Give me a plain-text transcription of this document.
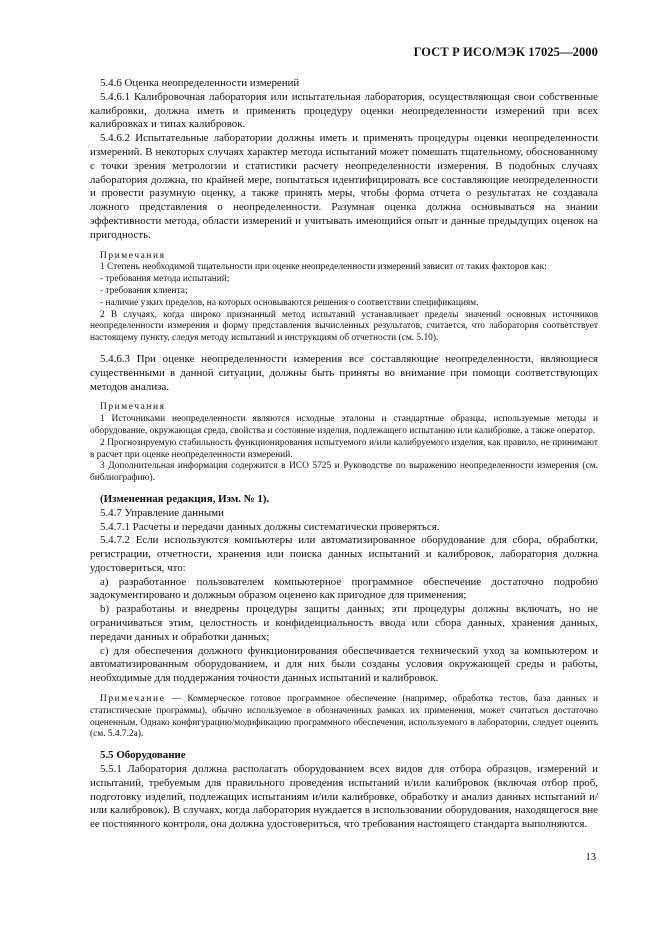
ГОСТ Р ИСО/МЭК 17025—2000

5.4.6 Оценка неопределенности измерений

5.4.6.1 Калибровочная лаборатория или испытательная лаборатория, осуществляющая свои собственные калибровки, должна иметь и применять процедуру оценки неопределенности измерений при всех калибровках и типах калибровок.

5.4.6.2 Испытательные лаборатории должны иметь и применять процедуры оценки неопределенности измерений. В некоторых случаях характер метода испытаний может помешать тщательному, обоснованному с точки зрения метрологии и статистики расчету неопределенности измерения. В подобных случаях лаборатория должна, по крайней мере, попытаться идентифицировать все составляющие неопределенности и провести разумную оценку, а также принять меры, чтобы форма отчета о результатах не создавала ложного представления о неопределенности. Разумная оценка должна основываться на знании эффективности метода, области измерений и учитывать имеющийся опыт и данные предыдущих оценок на пригодность.

Примечания

1 Степень необходимой тщательности при оценке неопределенности измерений зависит от таких факторов как:

- требования метода испытаний;

- требования клиента;

- наличие узких пределов, на которых основываются решения о соответствии спецификациям.

2 В случаях, когда широко признанный метод испытаний устанавливает пределы значений основных источников неопределенности измерения и форму представления вычисленных результатов, считается, что лаборатория соответствует настоящему пункту, следуя методу испытаний и инструкциям об отчетности (см. 5.10).

5.4.6.3 При оценке неопределенности измерения все составляющие неопределенности, являющиеся существенными в данной ситуации, должны быть приняты во внимание при помощи соответствующих методов анализа.

Примечания

1 Источниками неопределенности являются исходные эталоны и стандартные образцы, используемые методы и оборудование, окружающая среда, свойства и состояние изделия, подлежащего испытанию или калибровке, а также оператор.

2 Прогнозируемую стабильность функционирования испытуемого и/или калибруемого изделия, как правило, не принимают в расчет при оценке неопределенности измерений.

3 Дополнительная информация содержится в ИСО 5725 и Руководстве по выражению неопределенности измерения (см. библиографию).

(Измененная редакция, Изм. № 1).

5.4.7 Управление данными

5.4.7.1 Расчеты и передачи данных должны систематически проверяться.

5.4.7.2 Если используются компьютеры или автоматизированное оборудование для сбора, обработки, регистрации, отчетности, хранения или поиска данных испытаний и калибровок, лаборатория должна удостовериться, что:

a) разработанное пользователем компьютерное программное обеспечение достаточно подробно задокументировано и должным образом оценено как пригодное для применения;

b) разработаны и внедрены процедуры защиты данных; эти процедуры должны включать, но не ограничиваться этим, целостность и конфиденциальность ввода или сбора данных, хранения данных, передачи данных и обработки данных;

c) для обеспечения должного функционирования обеспечивается технический уход за компьютером и автоматизированным оборудованием, и для них были созданы условия окружающей среды и работы, необходимые для поддержания точности данных испытаний и калибровок.

Примечание — Коммерческое готовое программное обеспечение (например, обработка тестов, база данных и статистические программы), обычно используемое в обозначенных рамках их применения, может считаться достаточно оцененным. Однако конфигурацию/модификацию программного обеспечения, используемого в лаборатории, следует оценить (см. 5.4.7.2a).

5.5 Оборудование

5.5.1 Лаборатория должна располагать оборудованием всех видов для отбора образцов, измерений и испытаний, требуемым для правильного проведения испытаний и/или калибровок (включая отбор проб, подготовку изделий, подлежащих испытаниям и/или калибровке, обработку и анализ данных испытаний и/или калибровок). В случаях, когда лаборатория нуждается в использовании оборудования, находящегося вне ее постоянного контроля, она должна удостовериться, что требования настоящего стандарта выполняются.

13
